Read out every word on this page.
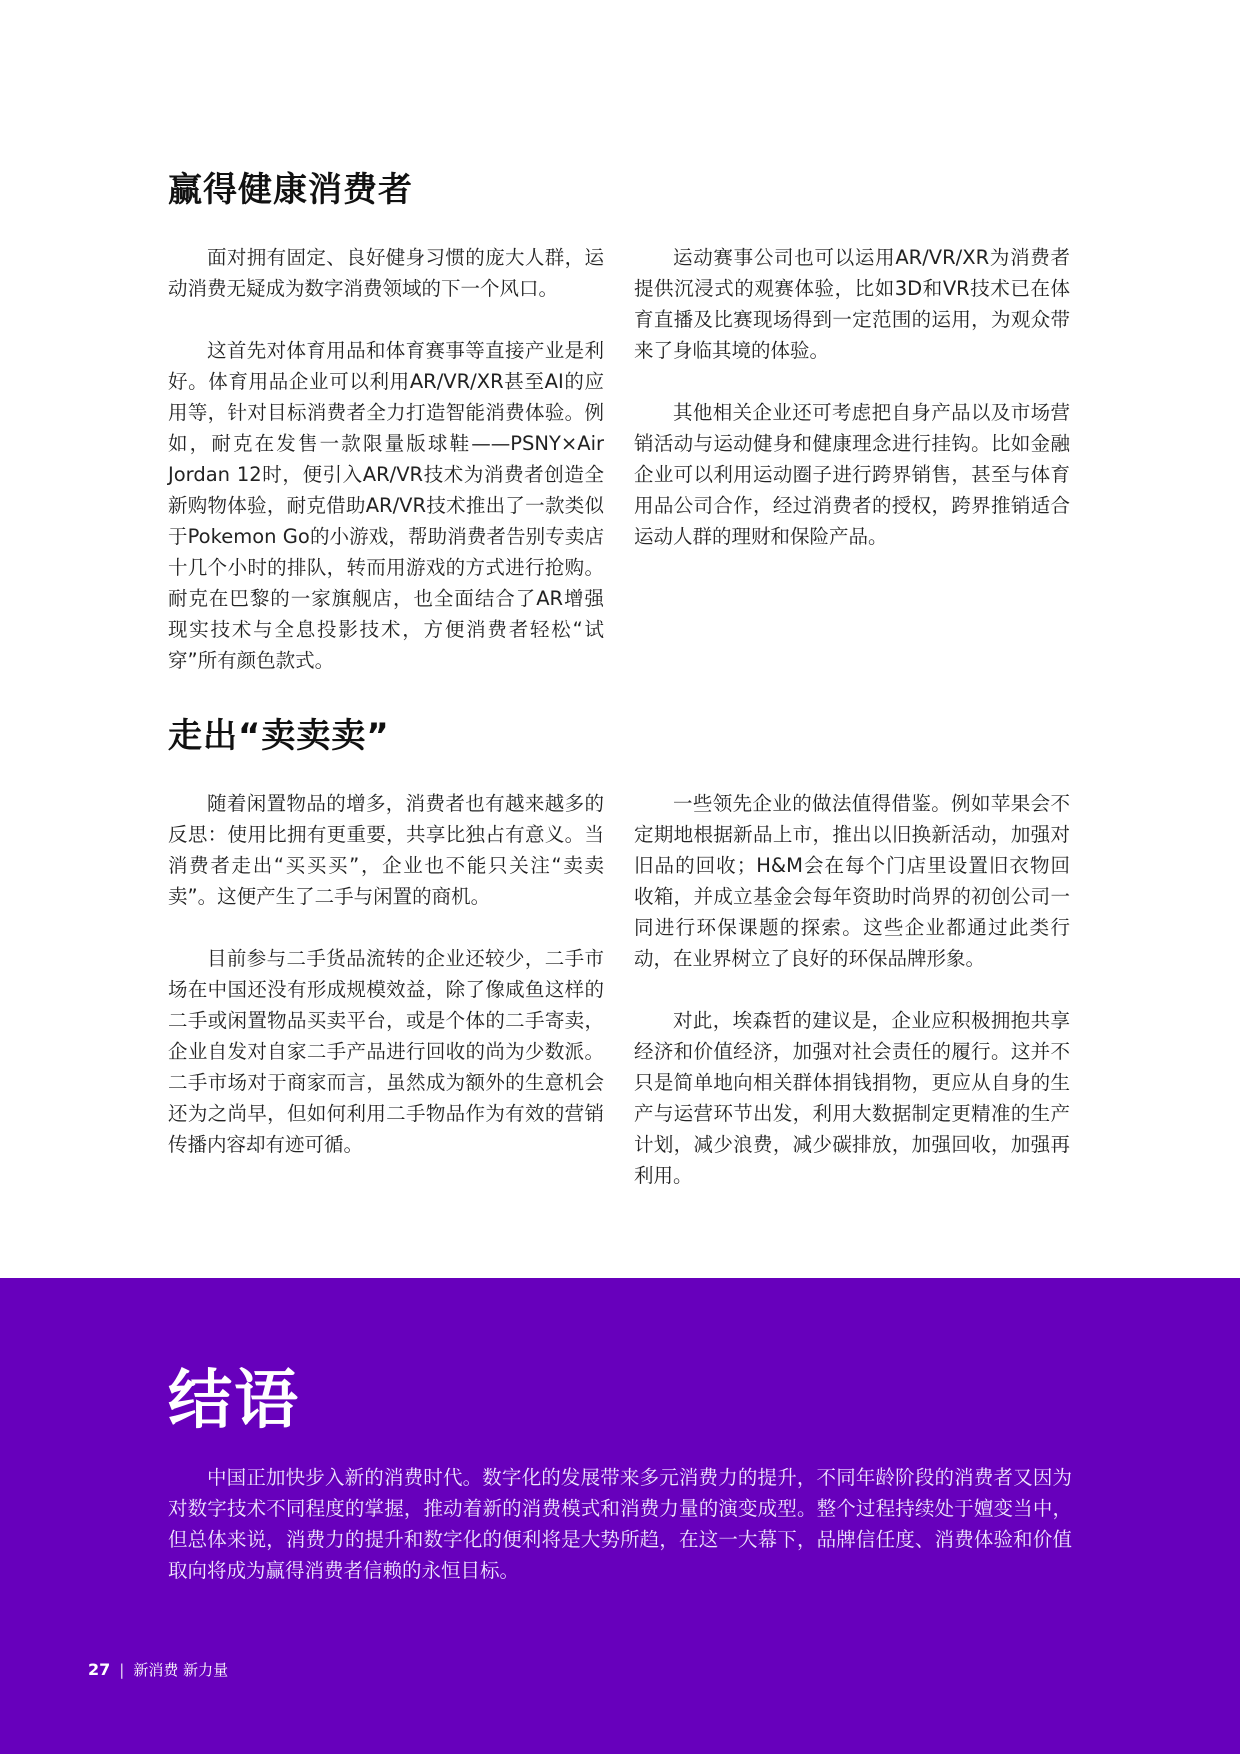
赢得健康消费者

面对拥有固定、良好健身习惯的庞大人群，运动消费无疑成为数字消费领域的下一个风口。

这首先对体育用品和体育赛事等直接产业是利好。体育用品企业可以利用AR/VR/XR甚至AI的应用等，针对目标消费者全力打造智能消费体验。例如，耐克在发售一款限量版球鞋——PSNY×Air Jordan 12时，便引入AR/VR技术为消费者创造全新购物体验，耐克借助AR/VR技术推出了一款类似于Pokemon Go的小游戏，帮助消费者告别专卖店十几个小时的排队，转而用游戏的方式进行抢购。耐克在巴黎的一家旗舰店，也全面结合了AR增强现实技术与全息投影技术，方便消费者轻松“试穿”所有颜色款式。

运动赛事公司也可以运用AR/VR/XR为消费者提供沉浸式的观赛体验，比如3D和VR技术已在体育直播及比赛现场得到一定范围的运用，为观众带来了身临其境的体验。

其他相关企业还可考虑把自身产品以及市场营销活动与运动健身和健康理念进行挂钩。比如金融企业可以利用运动圈子进行跨界销售，甚至与体育用品公司合作，经过消费者的授权，跨界推销适合运动人群的理财和保险产品。

走出“卖卖卖”

随着闲置物品的增多，消费者也有越来越多的反思：使用比拥有更重要，共享比独占有意义。当消费者走出“买买买”，企业也不能只关注“卖卖卖”。这便产生了二手与闲置的商机。

目前参与二手货品流转的企业还较少，二手市场在中国还没有形成规模效益，除了像咸鱼这样的二手或闲置物品买卖平台，或是个体的二手寄卖，企业自发对自家二手产品进行回收的尚为少数派。二手市场对于商家而言，虽然成为额外的生意机会还为之尚早，但如何利用二手物品作为有效的营销传播内容却有迹可循。

一些领先企业的做法值得借鉴。例如苹果会不定期地根据新品上市，推出以旧换新活动，加强对旧品的回收；H&M会在每个门店里设置旧衣物回收箱，并成立基金会每年资助时尚界的初创公司一同进行环保课题的探索。这些企业都通过此类行动，在业界树立了良好的环保品牌形象。

对此，埃森哲的建议是，企业应积极拥抱共享经济和价值经济，加强对社会责任的履行。这并不只是简单地向相关群体捐钱捐物，更应从自身的生产与运营环节出发，利用大数据制定更精准的生产计划，减少浪费，减少碳排放，加强回收，加强再利用。

结语

中国正加快步入新的消费时代。数字化的发展带来多元消费力的提升，不同年龄阶段的消费者又因为对数字技术不同程度的掌握，推动着新的消费模式和消费力量的演变成型。整个过程持续处于嬗变当中，但总体来说，消费力的提升和数字化的便利将是大势所趋，在这一大幕下，品牌信任度、消费体验和价值取向将成为赢得消费者信赖的永恒目标。

27 | 新消费 新力量
